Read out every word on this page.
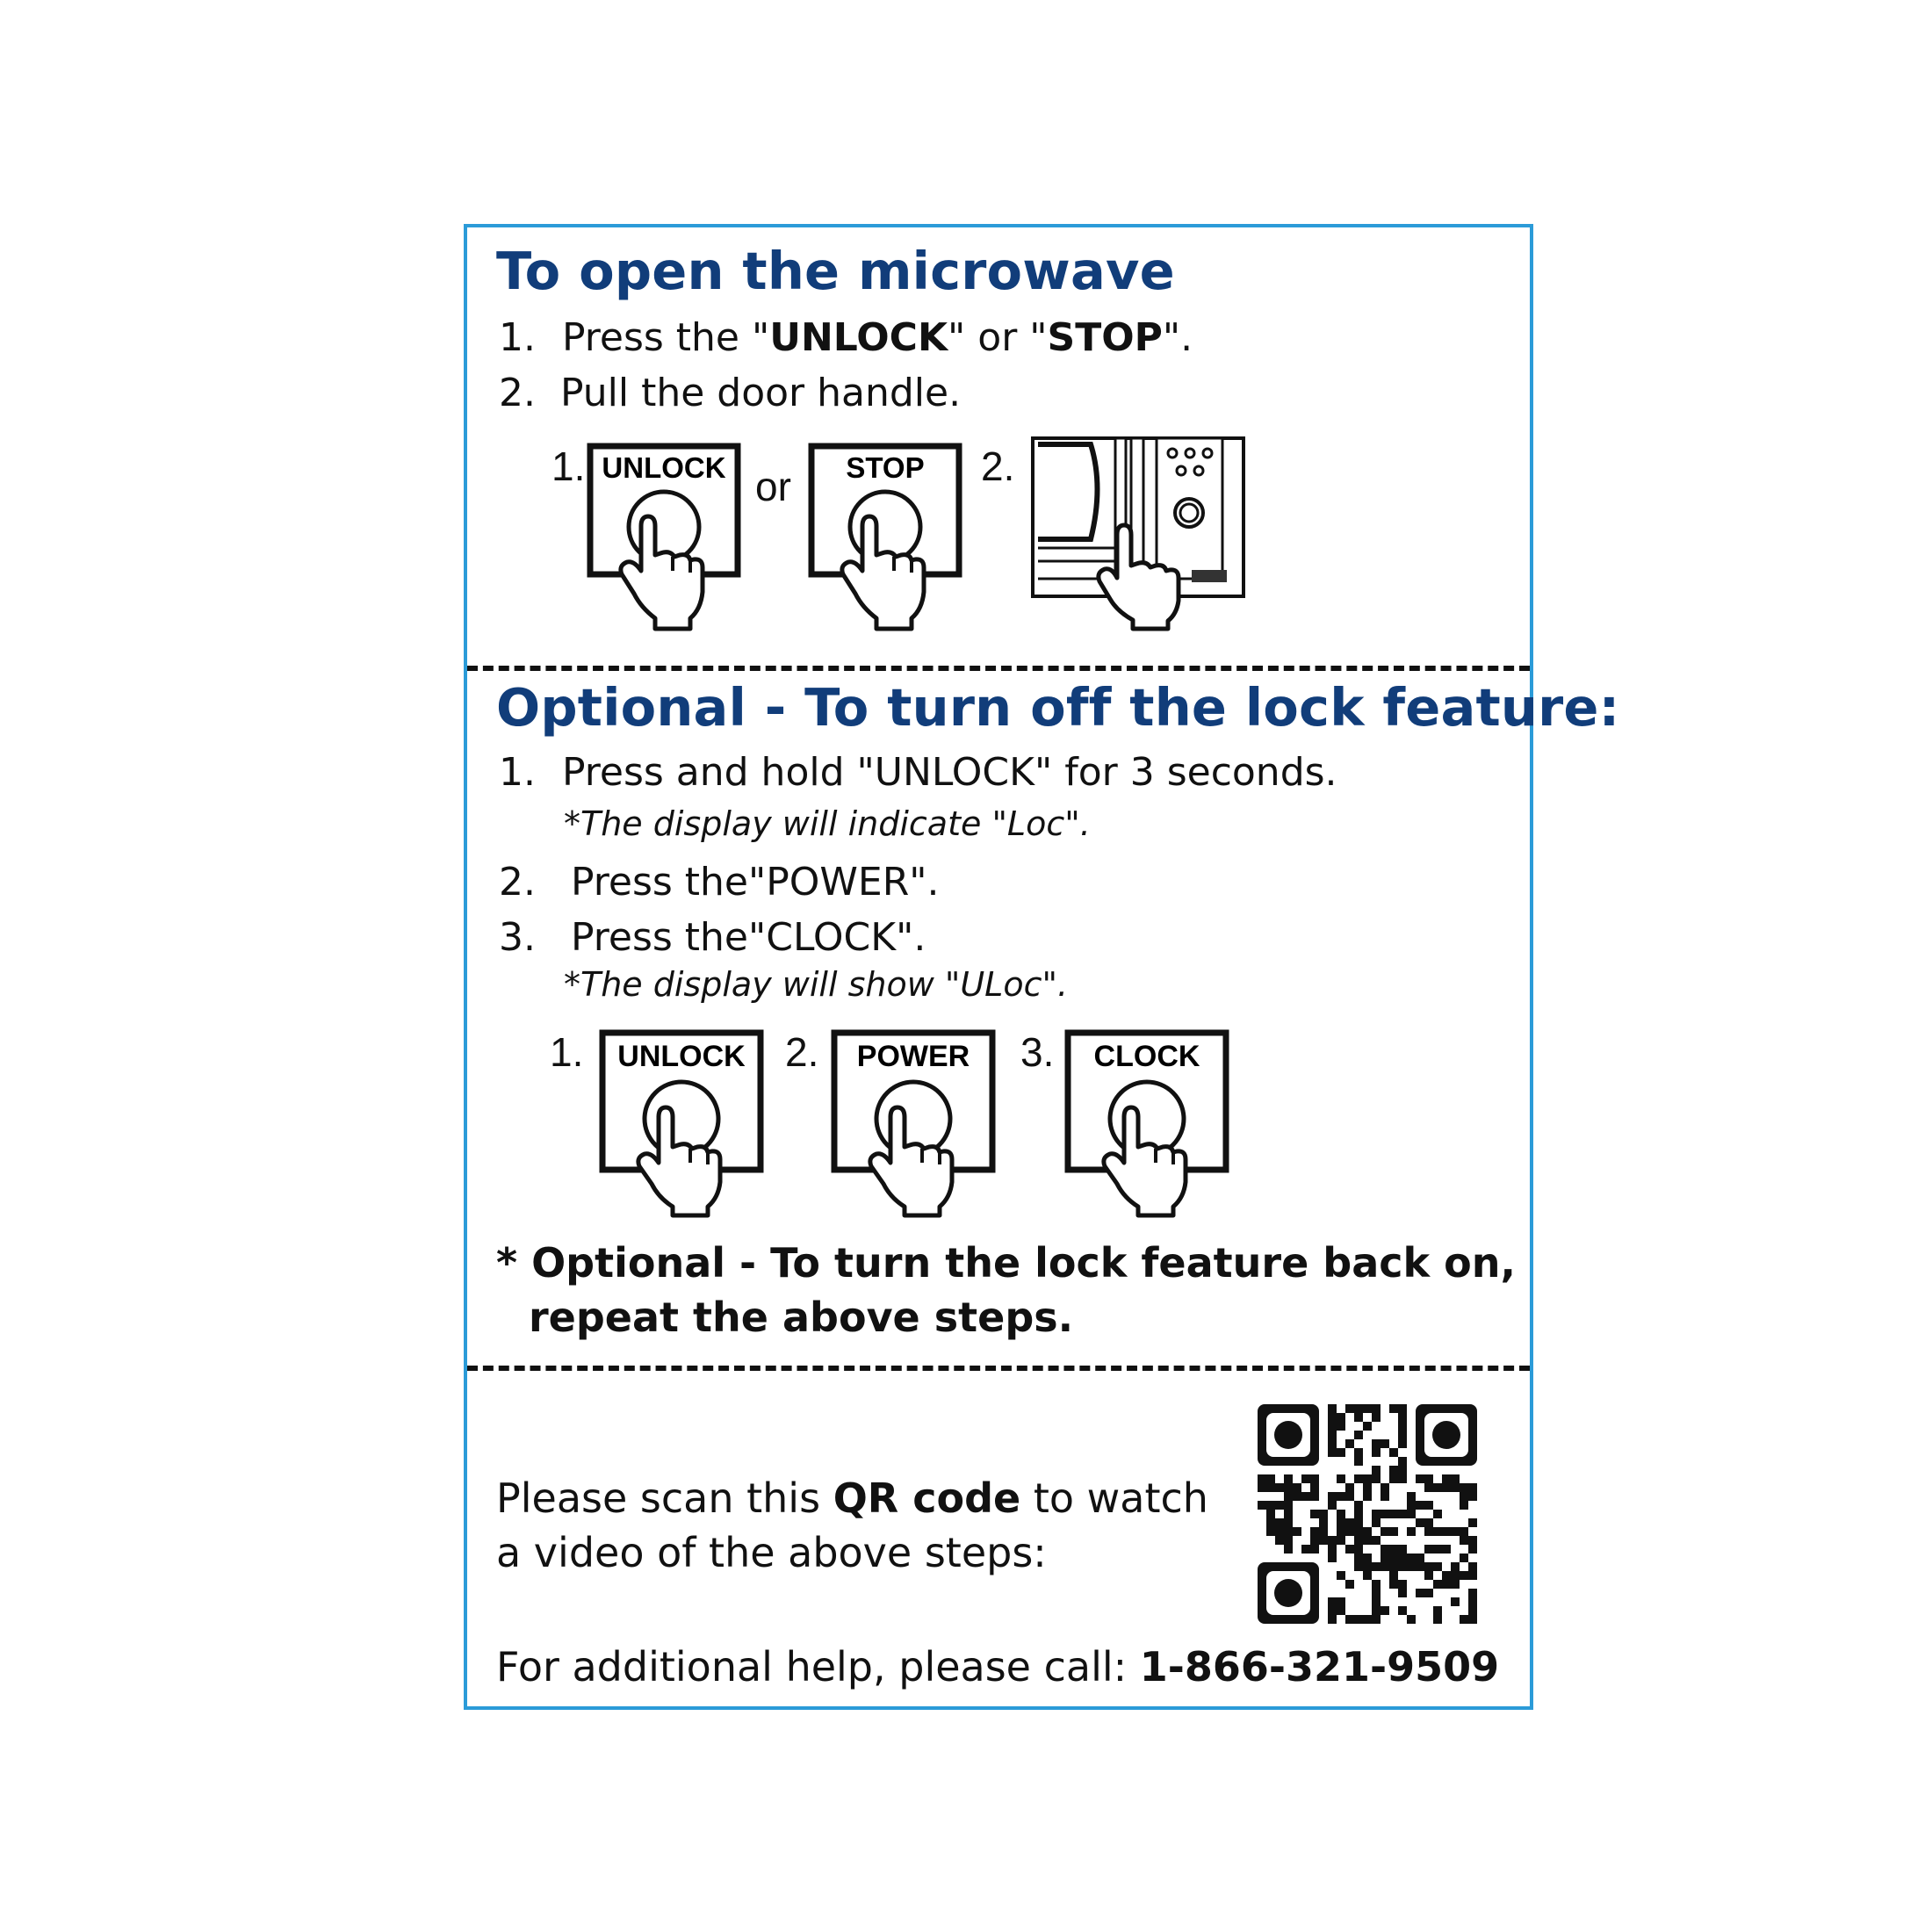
To open the microwave
1. Press the "UNLOCK" or "STOP".
2. Pull the door handle.
1. UNLOCK or STOP 2.
Optional - To turn off the lock feature:
1. Press and hold "UNLOCK" for 3 seconds.
*The display will indicate "Loc".
2. Press the"POWER".
3. Press the"CLOCK".
*The display will show "ULoc".
1. UNLOCK 2. POWER 3. CLOCK
* Optional - To turn the lock feature back on,
repeat the above steps.
Please scan this QR code to watch
a video of the above steps:
For additional help, please call: 1-866-321-9509
